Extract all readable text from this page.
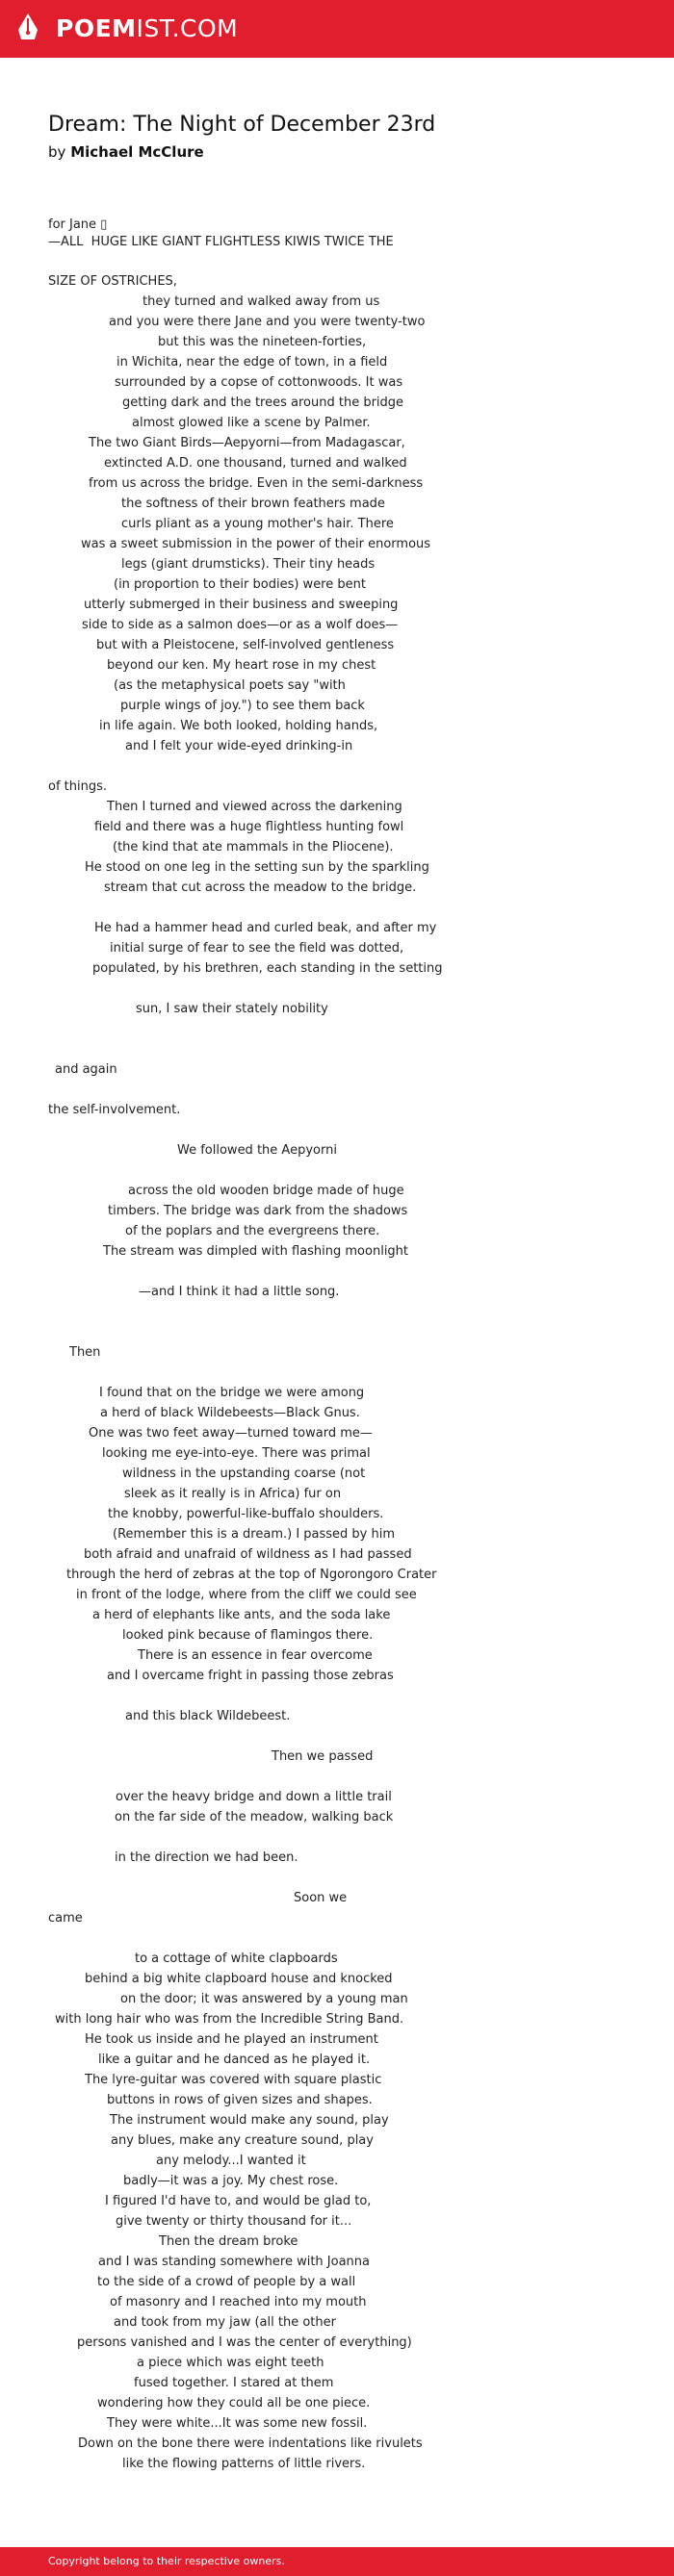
POEMIST.COM
Dream: The Night of December 23rd
by Michael McClure
for Jane ▯
—ALL  HUGE LIKE GIANT FLIGHTLESS KIWIS TWICE THE
SIZE OF OSTRICHES,
they turned and walked away from us
and you were there Jane and you were twenty-two
but this was the nineteen-forties,
in Wichita, near the edge of town, in a field
surrounded by a copse of cottonwoods. It was
getting dark and the trees around the bridge
almost glowed like a scene by Palmer.
The two Giant Birds—Aepyorni—from Madagascar,
extincted A.D. one thousand, turned and walked
from us across the bridge. Even in the semi-darkness
the softness of their brown feathers made
curls pliant as a young mother's hair. There
was a sweet submission in the power of their enormous
legs (giant drumsticks). Their tiny heads
(in proportion to their bodies) were bent
utterly submerged in their business and sweeping
side to side as a salmon does—or as a wolf does—
but with a Pleistocene, self-involved gentleness
beyond our ken. My heart rose in my chest
(as the metaphysical poets say "with
purple wings of joy.") to see them back
in life again. We both looked, holding hands,
and I felt your wide-eyed drinking-in
of things.
Then I turned and viewed across the darkening
field and there was a huge flightless hunting fowl
(the kind that ate mammals in the Pliocene).
He stood on one leg in the setting sun by the sparkling
stream that cut across the meadow to the bridge.
He had a hammer head and curled beak, and after my
initial surge of fear to see the field was dotted,
populated, by his brethren, each standing in the setting
sun, I saw their stately nobility
and again
the self-involvement.
We followed the Aepyorni
across the old wooden bridge made of huge
timbers. The bridge was dark from the shadows
of the poplars and the evergreens there.
The stream was dimpled with flashing moonlight
—and I think it had a little song.
Then
I found that on the bridge we were among
a herd of black Wildebeests—Black Gnus.
One was two feet away—turned toward me—
looking me eye-into-eye. There was primal
wildness in the upstanding coarse (not
sleek as it really is in Africa) fur on
the knobby, powerful-like-buffalo shoulders.
(Remember this is a dream.) I passed by him
both afraid and unafraid of wildness as I had passed
through the herd of zebras at the top of Ngorongoro Crater
in front of the lodge, where from the cliff we could see
a herd of elephants like ants, and the soda lake
looked pink because of flamingos there.
There is an essence in fear overcome
and I overcame fright in passing those zebras
and this black Wildebeest.
Then we passed
over the heavy bridge and down a little trail
on the far side of the meadow, walking back
in the direction we had been.
Soon we
came
to a cottage of white clapboards
behind a big white clapboard house and knocked
on the door; it was answered by a young man
with long hair who was from the Incredible String Band.
He took us inside and he played an instrument
like a guitar and he danced as he played it.
The lyre-guitar was covered with square plastic
buttons in rows of given sizes and shapes.
The instrument would make any sound, play
any blues, make any creature sound, play
any melody...I wanted it
badly—it was a joy. My chest rose.
I figured I'd have to, and would be glad to,
give twenty or thirty thousand for it...
Then the dream broke
and I was standing somewhere with Joanna
to the side of a crowd of people by a wall
of masonry and I reached into my mouth
and took from my jaw (all the other
persons vanished and I was the center of everything)
a piece which was eight teeth
fused together. I stared at them
wondering how they could all be one piece.
They were white...It was some new fossil.
Down on the bone there were indentations like rivulets
like the flowing patterns of little rivers.
Copyright belong to their respective owners.
